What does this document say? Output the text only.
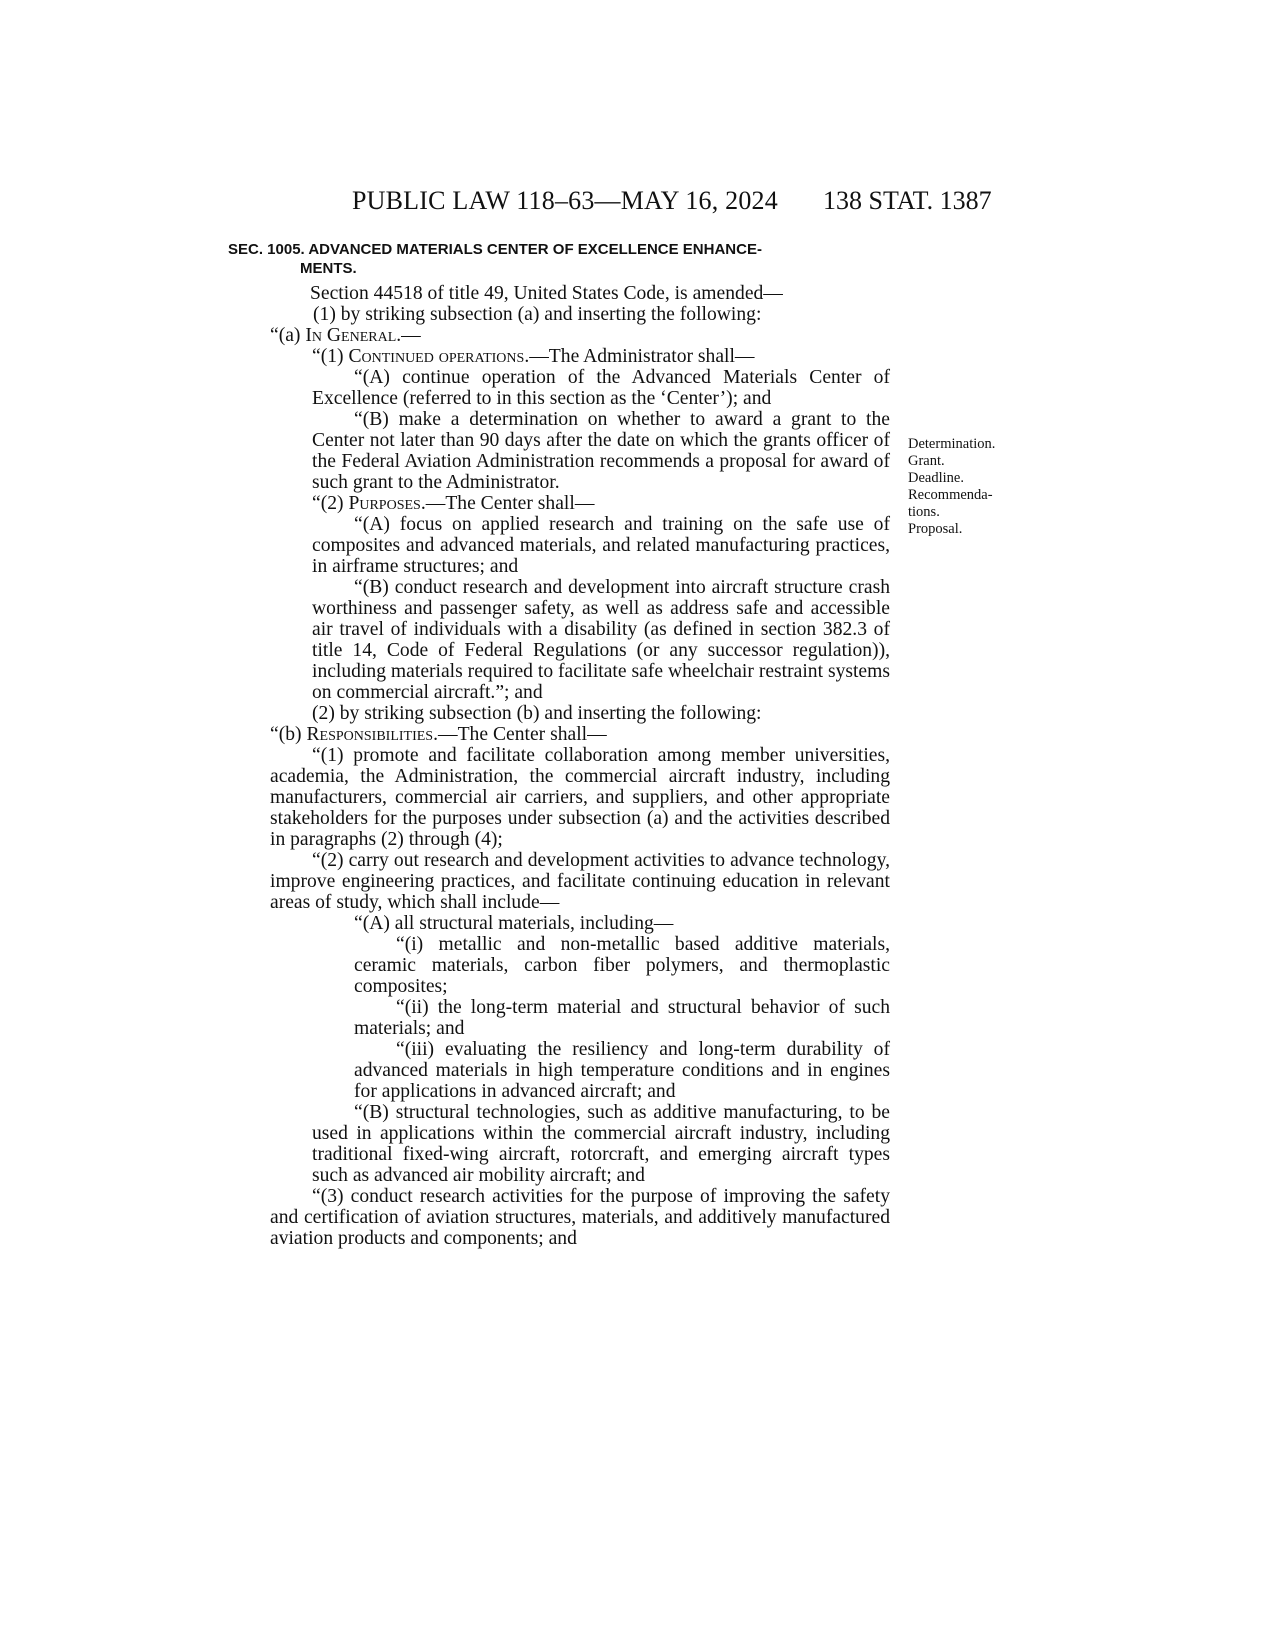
PUBLIC LAW 118–63—MAY 16, 2024 138 STAT. 1387
SEC. 1005. ADVANCED MATERIALS CENTER OF EXCELLENCE ENHANCE-
MENTS.
Determination.
Grant.
Deadline.
Recommenda-
tions.
Proposal.

Section 44518 of title 49, United States Code, is amended—

(1) by striking subsection (a) and inserting the following:

“(a) In General.—

“(1) Continued operations.—The Administrator shall—

“(A) continue operation of the Advanced Materials Center of Excellence (referred to in this section as the ‘Center’); and

“(B) make a determination on whether to award a grant to the Center not later than 90 days after the date on which the grants officer of the Federal Aviation Administration recommends a proposal for award of such grant to the Administrator.

“(2) Purposes.—The Center shall—

“(A) focus on applied research and training on the safe use of composites and advanced materials, and related manufacturing practices, in airframe structures; and

“(B) conduct research and development into aircraft structure crash worthiness and passenger safety, as well as address safe and accessible air travel of individuals with a disability (as defined in section 382.3 of title 14, Code of Federal Regulations (or any successor regulation)), including materials required to facilitate safe wheelchair restraint systems on commercial aircraft.”; and

(2) by striking subsection (b) and inserting the following:

“(b) Responsibilities.—The Center shall—

“(1) promote and facilitate collaboration among member universities, academia, the Administration, the commercial aircraft industry, including manufacturers, commercial air carriers, and suppliers, and other appropriate stakeholders for the purposes under subsection (a) and the activities described in paragraphs (2) through (4);

“(2) carry out research and development activities to advance technology, improve engineering practices, and facilitate continuing education in relevant areas of study, which shall include—

“(A) all structural materials, including—

“(i) metallic and non-metallic based additive materials, ceramic materials, carbon fiber polymers, and thermoplastic composites;

“(ii) the long-term material and structural behavior of such materials; and

“(iii) evaluating the resiliency and long-term durability of advanced materials in high temperature conditions and in engines for applications in advanced aircraft; and

“(B) structural technologies, such as additive manufacturing, to be used in applications within the commercial aircraft industry, including traditional fixed-wing aircraft, rotorcraft, and emerging aircraft types such as advanced air mobility aircraft; and

“(3) conduct research activities for the purpose of improving the safety and certification of aviation structures, materials, and additively manufactured aviation products and components; and
